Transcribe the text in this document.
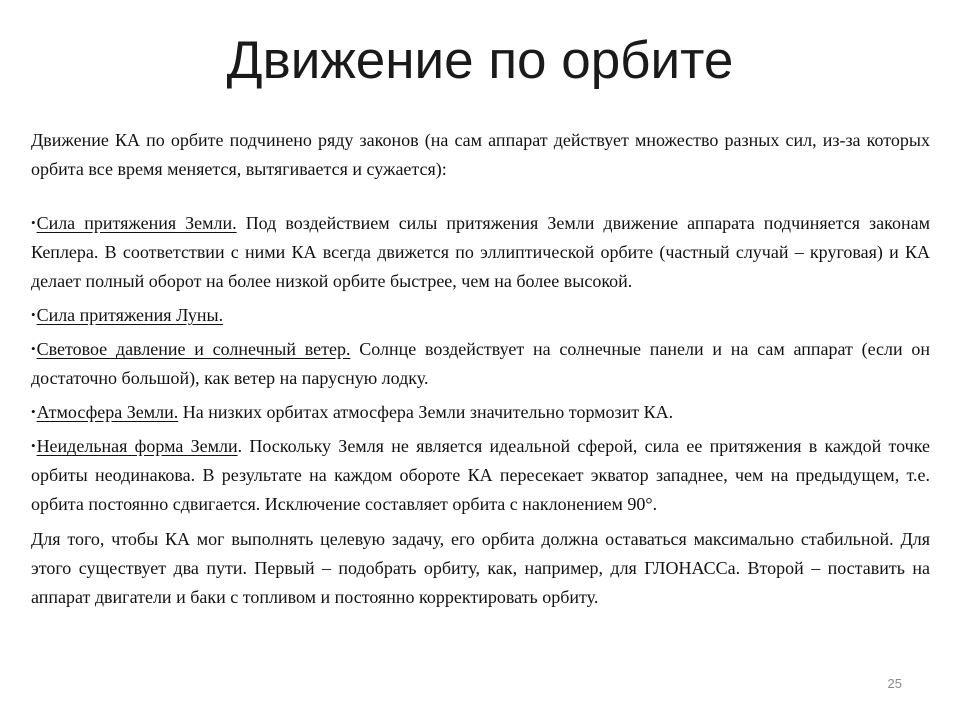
Движение по орбите

Движение КА по орбите подчинено ряду законов (на сам аппарат действует множество разных сил, из-за которых орбита все время меняется, вытягивается и сужается):

•Сила притяжения Земли. Под воздействием силы притяжения Земли движение аппарата подчиняется законам Кеплера. В соответствии с ними КА всегда движется по эллиптической орбите (частный случай – круговая) и КА делает полный оборот на более низкой орбите быстрее, чем на более высокой.

•Сила притяжения Луны.

•Световое давление и солнечный ветер. Солнце воздействует на солнечные панели и на сам аппарат (если он достаточно большой), как ветер на парусную лодку.

•Атмосфера Земли. На низких орбитах атмосфера Земли значительно тормозит КА.

•Неидельная форма Земли. Поскольку Земля не является идеальной сферой, сила ее притяжения в каждой точке орбиты неодинакова. В результате на каждом обороте КА пересекает экватор западнее, чем на предыдущем, т.е. орбита постоянно сдвигается. Исключение составляет орбита с наклонением 90°.

Для того, чтобы КА мог выполнять целевую задачу, его орбита должна оставаться максимально стабильной. Для этого существует два пути. Первый – подобрать орбиту, как, например, для ГЛОНАССа. Второй – поставить на аппарат двигатели и баки с топливом и постоянно корректировать орбиту.

25
